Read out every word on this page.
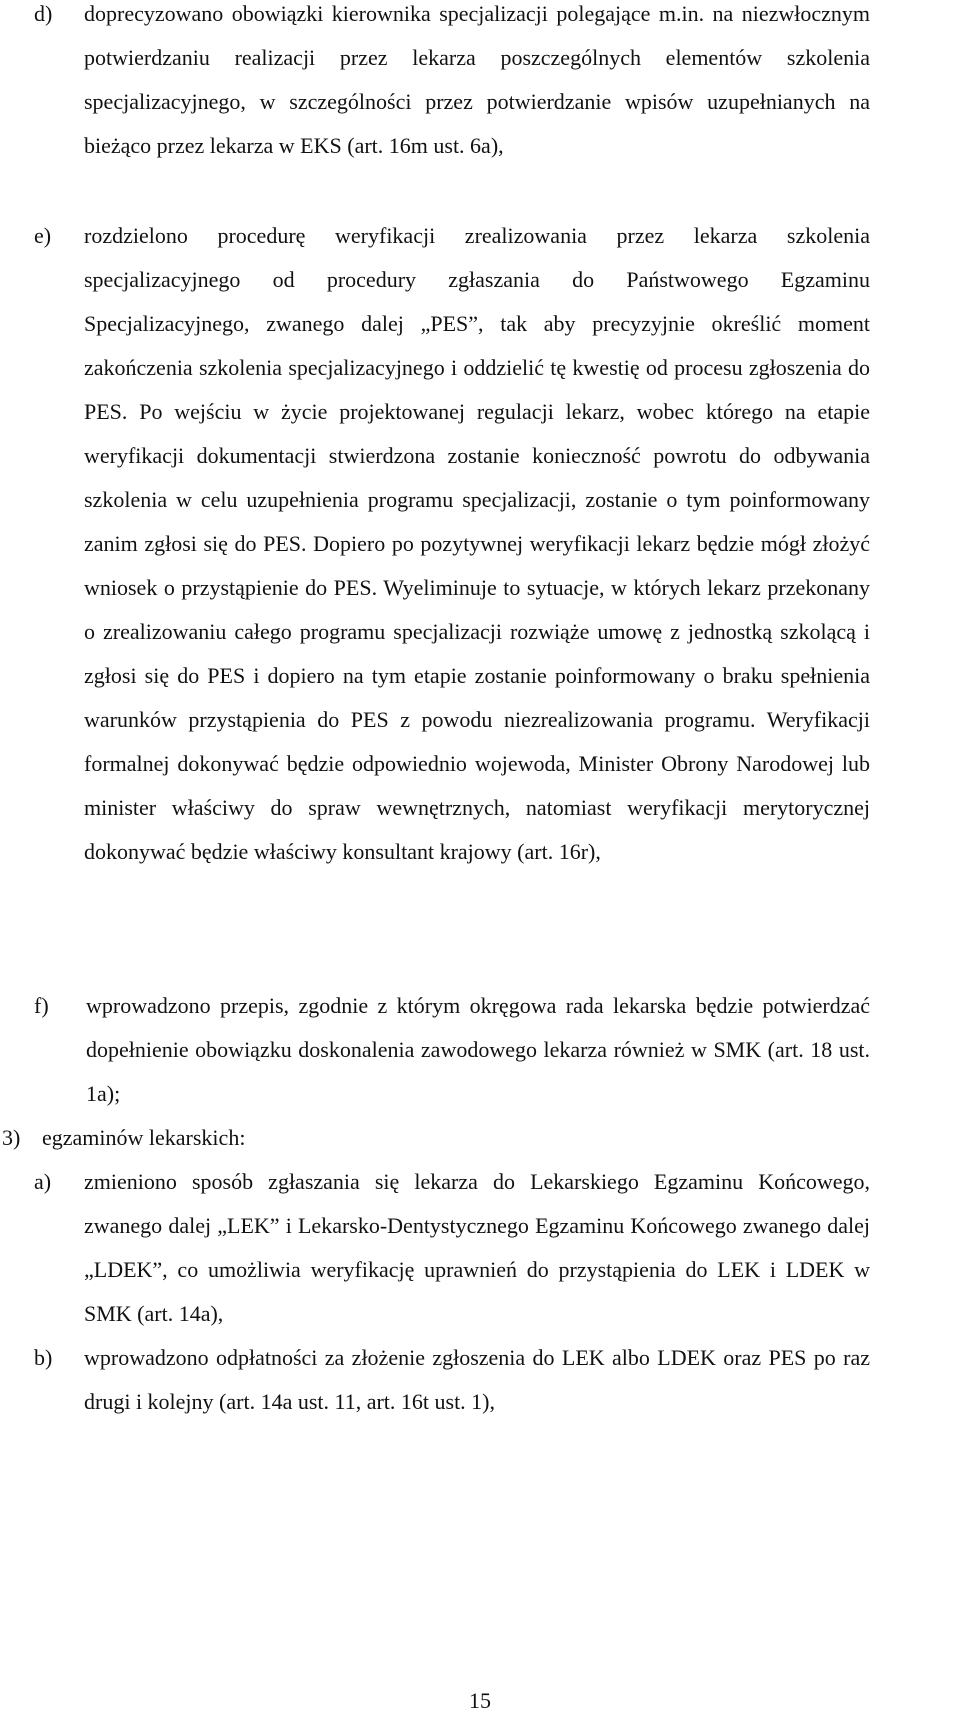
d) doprecyzowano obowiązki kierownika specjalizacji polegające m.in. na niezwłocznym potwierdzaniu realizacji przez lekarza poszczególnych elementów szkolenia specjalizacyjnego, w szczególności przez potwierdzanie wpisów uzupełnianych na bieżąco przez lekarza w EKS (art. 16m ust. 6a),

e) rozdzielono procedurę weryfikacji zrealizowania przez lekarza szkolenia specjalizacyjnego od procedury zgłaszania do Państwowego Egzaminu Specjalizacyjnego, zwanego dalej „PES”, tak aby precyzyjnie określić moment zakończenia szkolenia specjalizacyjnego i oddzielić tę kwestię od procesu zgłoszenia do PES. Po wejściu w życie projektowanej regulacji lekarz, wobec którego na etapie weryfikacji dokumentacji stwierdzona zostanie konieczność powrotu do odbywania szkolenia w celu uzupełnienia programu specjalizacji, zostanie o tym poinformowany zanim zgłosi się do PES. Dopiero po pozytywnej weryfikacji lekarz będzie mógł złożyć wniosek o przystąpienie do PES. Wyeliminuje to sytuacje, w których lekarz przekonany o zrealizowaniu całego programu specjalizacji rozwiąże umowę z jednostką szkolącą i zgłosi się do PES i dopiero na tym etapie zostanie poinformowany o braku spełnienia warunków przystąpienia do PES z powodu niezrealizowania programu. Weryfikacji formalnej dokonywać będzie odpowiednio wojewoda, Minister Obrony Narodowej lub minister właściwy do spraw wewnętrznych, natomiast weryfikacji merytorycznej dokonywać będzie właściwy konsultant krajowy (art. 16r),

f) wprowadzono przepis, zgodnie z którym okręgowa rada lekarska będzie potwierdzać dopełnienie obowiązku doskonalenia zawodowego lekarza również w SMK (art. 18 ust. 1a);

3) egzaminów lekarskich:

a) zmieniono sposób zgłaszania się lekarza do Lekarskiego Egzaminu Końcowego, zwanego dalej „LEK” i Lekarsko-Dentystycznego Egzaminu Końcowego zwanego dalej „LDEK”, co umożliwia weryfikację uprawnień do przystąpienia do LEK i LDEK w SMK (art. 14a),

b) wprowadzono odpłatności za złożenie zgłoszenia do LEK albo LDEK oraz PES po raz drugi i kolejny (art. 14a ust. 11, art. 16t ust. 1),

15
